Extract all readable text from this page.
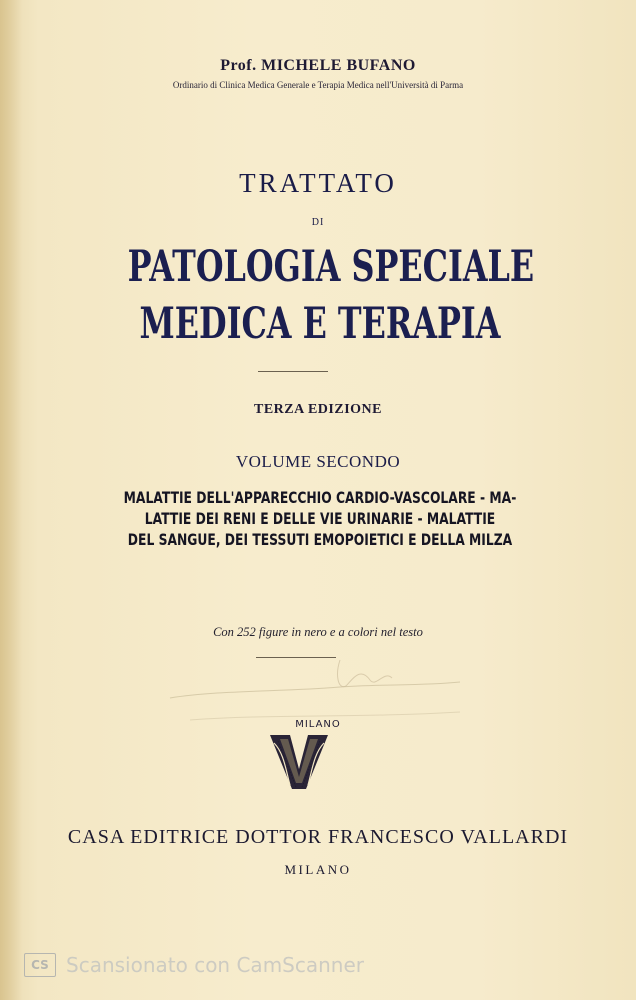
Prof. MICHELE BUFANO
Ordinario di Clinica Medica Generale e Terapia Medica nell'Università di Parma
TRATTATO
DI
PATOLOGIA SPECIALE
MEDICA E TERAPIA
TERZA EDIZIONE
VOLUME SECONDO
MALATTIE DELL'APPARECCHIO CARDIO-VASCOLARE - MA-
LATTIE DEI RENI E DELLE VIE URINARIE - MALATTIE
DEL SANGUE, DEI TESSUTI EMOPOIETICI E DELLA MILZA
Con 252 figure in nero e a colori nel testo
MILANO
CASA EDITRICE DOTTOR FRANCESCO VALLARDI
MILANO
CS Scansionato con CamScanner
